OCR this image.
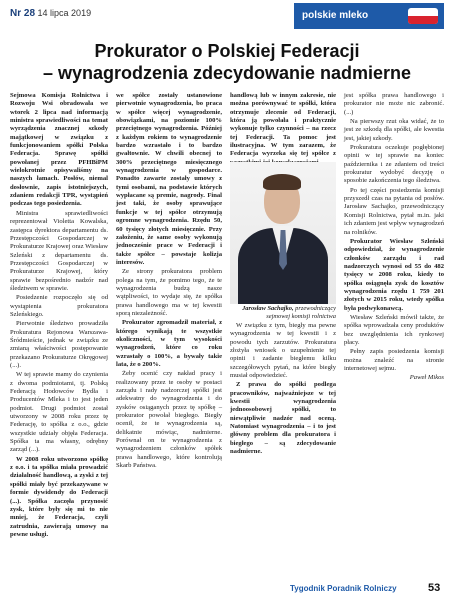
Nr 28 14 lipca 2019	polskie mleko
Prokurator o Polskiej Federacji
– wynagrodzenia zdecydowanie nadmierne

Sejmowa Komisja Rolnictwa i Rozwoju Wsi obradowała we wtorek 2 lipca nad informacją ministra sprawiedliwości na temat wyrządzenia znacznej szkody majątkowej w związku z funkcjonowaniem spółki Polska Federacja. Sprawę spółki powołanej przez PFHBiPM wielokrotnie opisywaliśmy na naszych łamach. Posłów, niemal dosłownie, zapis istotniejszych, zdaniem redakcji TPR, wystąpień podczas tego posiedzenia.

Ministra sprawiedliwości reprezentował Violetta Kowalska, zastępca dyrektora departamentu ds. Przestępczości Gospodarczej w Prokuraturze Krajowej oraz Wiesław Szleński z departamentu ds. Przestępczości Gospodarczej w Prokuraturze Krajowej, który sprawie bezpośrednio nadzór nad śledztwem w sprawie.

Posiedzenie rozpoczęło się od wystąpienia prokuratora Szleńskiego.

Pierwotnie śledztwo prowadziła Prokuratura Rejonowa Warszawa-Śródmieście, jednak w związku ze zmianą właściwości postępowanie przekazano Prokuraturze Okręgowej (...).

W tej sprawie mamy do czynienia z dwoma podmiotami, tj. Polską Federacją Hodowców Bydła i Producentów Mleka i to jest jeden podmiot. Drugi podmiot został utworzony w 2008 roku przez tę Federację, to spółka z o.o., gdzie wszystkie udziały objęła Federacja. Spółka ta ma własny, odrębny zarząd (...).

W 2008 roku utworzono spółkę z o.o. i ta spółka miała prowadzić działalność handlową, a zyski z tej spółki miały być przekazywane w formie dywidendy do Federacji (...). Spółka zaczęła przynosić zysk, które były się mi to nie mniej, że Federacja, czyli zatrudnia, zawierają umowy na pewne usługi.

we spółce zostały ustanowione pierwotnie wynagrodzenia, bo praca w spółce więcej wynagrodzenie, obowiązkami, na poziomie 100% przeciętnego wynagrodzenia. Później z każdym rokiem to wynagrodzenie bardzo wzrastało i to bardzo gwałtownie. W chwili obecnej to 300% przeciętnego miesięcznego wynagrodzenia w gospodarce. Ponadto zawarte zostały umowy z tymi osobami, na podstawie których wypłacane są premie, nagrody. Final jest taki, że osoby sprawujące funkcje w tej spółce otrzymują ogromne wynagrodzenia. Rzędu 50, 60 tysięcy złotych miesięcznie. Przy założeniu, że same osoby wykonują jednocześnie prace w Federacji i także spółce – powstaje kolizja interesów.

Ze strony prokuratora problem polega na tym, że pomimo tego, że te wynagrodzenia budzą nasze wątpliwości, to wydaje się, że spółka prawa handlowego ma w tej kwestii sporą niezależność.

Prokurator zgromadził materiał, z którego wynikają te wszystkie okoliczności, w tym wysokości wynagrodzeń, które co roku wzrastały o 100%, a bywały takie lata, że o 200%.

Żeby ocenić czy nakład pracy i realizowany przez te osoby w postaci zarządu i rady nadzorczej spółki jest adekwatny do wynagrodzenia i do zysków osiąganych przez tę spółkę – prokurator powołał biegłego. Biegły ocenił, że te wynagrodzenia są, delikatnie mówiąc, nadmierne. Porównał on te wynagrodzenia z wynagrodzeniem członków spółek prawa handlowego, które kontrolują Skarb Państwa.

handlową lub w innym zakresie, nie można porównywać te spółki, która otrzymuje zlecenie od Federacji, która ją powołała i praktycznie wykonuje tylko czynności – na rzecz tej Federacji. Ta pomoc jest ilustracyjna. W tym zarazem, że Federacja wyrzeka się tej spółce z

Jarosław Sachajko, przewodniczący sejmowej komisji rolnictwa

W związku z tym, biegły ma pewne wynagrodzenia w tej kwestii i z powodu tych zarzutów. Prokuratura złożyła wniosek o uzupełnienie tej opinii i zadanie biegłemu kilku szczegółowych pytań, na które biegły musiał odpowiedzieć.

Z prawa do spółki podlega pracowników, najważniejsze w tej kwestii wynagrodzenia jednoosobowej spółki, to niewątpliwie nadzór nad oceną. Natomiast wynagrodzenia – i to jest główny problem dla prokuratora i biegłego – są zdecydowanie nadmierne.

jest spółka prawa handlowego i prokurator nie może nic zabronić. (...)

Na pierwszy rzut oka widać, że to jest ze szkodą dla spółki, ale kwestia jest, jakiej szkody.

Prokuratura oczekuje pogłębionej opinii w tej sprawie na koniec października i ze zdaniem od treści prokuratur wydobyć decyzję o sposobie zakończenia tego śledztwa.

Po tej części posiedzenia komisji przyszedł czas na pytania od posłów. Jarosław Sachajko, przewodniczący Komisji Rolnictwa, pytał m.in. jaki ich zdaniem jest wpływ wynagrodzeń na rolników.

Prokurator Wiesław Szleński odpowiedział, że wynagrodzenie członków zarządu i rad nadzorczych wynosi od 55 do 482 tysięcy w 2008 roku, kiedy to spółka osiągnęła zysk do kosztów wynagrodzenia rzędu 1 759 201 złotych w 2015 roku, wtedy spółka była podwykonawcą.

Wiesław Szleński mówił także, że spółka wprowadzała ceny produktów bez uwzględnienia ich rynkowej płacy.

Pełny zapis posiedzenia komisji można znaleźć na stronie internetowej sejmu.

Paweł Mikos

Tygodnik Poradnik Rolniczy	53
